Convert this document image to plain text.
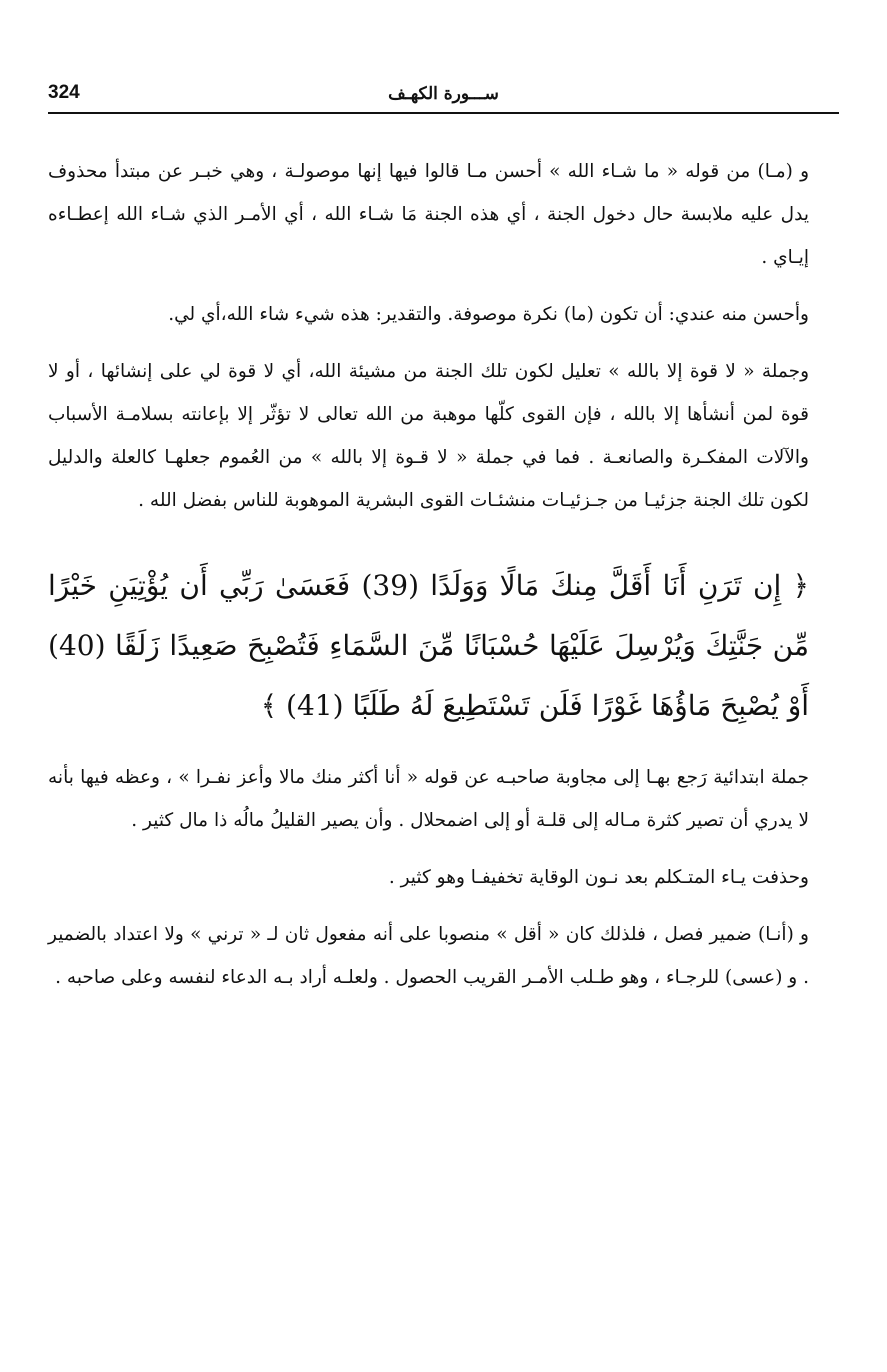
324	ســـورة الكهـف

و (مـا) من قوله « ما شـاء الله » أحسن مـا قالوا فيها إنها موصولـة ، وهي خبـر عن مبتدأ محذوف يدل عليه ملابسة حال دخول الجنة ، أي هذه الجنة مَا شـاء الله ، أي الأمـر الذي شـاء الله إعطـاءه إيـاي .

وأحسن منه عندي: أن تكون (ما) نكرة موصوفة. والتقدير: هذه شيء شاء الله،أي لي.

وجملة « لا قوة إلا بالله » تعليل لكون تلك الجنة من مشيئة الله، أي لا قوة لي على إنشائها ، أو لا قوة لمن أنشأها إلا بالله ، فإن القوى كلّها موهبة من الله تعالى لا تؤثّر إلا بإعانته بسلامـة الأسباب والآلات المفكـرة والصانعـة . فما في جملة « لا قـوة إلا بالله » من العُموم جعلهـا كالعلة والدليل لكون تلك الجنة جزئيـا من جـزئيـات منشئـات القوى البشرية الموهوبة للناس بفضل الله .

﴿ إِن تَرَنِ أَنَا أَقَلَّ مِنكَ مَالًا وَوَلَدًا (39) فَعَسَىٰ رَبِّي أَن يُؤْتِيَنِ خَيْرًا مِّن جَنَّتِكَ وَيُرْسِلَ عَلَيْهَا حُسْبَانًا مِّنَ السَّمَاءِ فَتُصْبِحَ صَعِيدًا زَلَقًا (40) أَوْ يُصْبِحَ مَاؤُهَا غَوْرًا فَلَن تَسْتَطِيعَ لَهُ طَلَبًا (41) ﴾

جملة ابتدائية رَجع بهـا إلى مجاوبة صاحبـه عن قوله « أنا أكثر منك مالا وأعز نفـرا » ، وعظه فيها بأنه لا يدري أن تصير كثرة مـاله إلى قلـة أو إلى اضمحلال . وأن يصير القليلُ مالُه ذا مال كثير .

وحذفت يـاء المتـكلم بعد نـون الوقاية تخفيفـا وهو كثير .

و (أنـا) ضمير فصل ، فلذلك كان « أقل » منصوبا على أنه مفعول ثان لـ « ترني » ولا اعتداد بالضمير . و (عسى) للرجـاء ، وهو طـلب الأمـر القريب الحصول . ولعلـه أراد بـه الدعاء لنفسه وعلى صاحبه .
